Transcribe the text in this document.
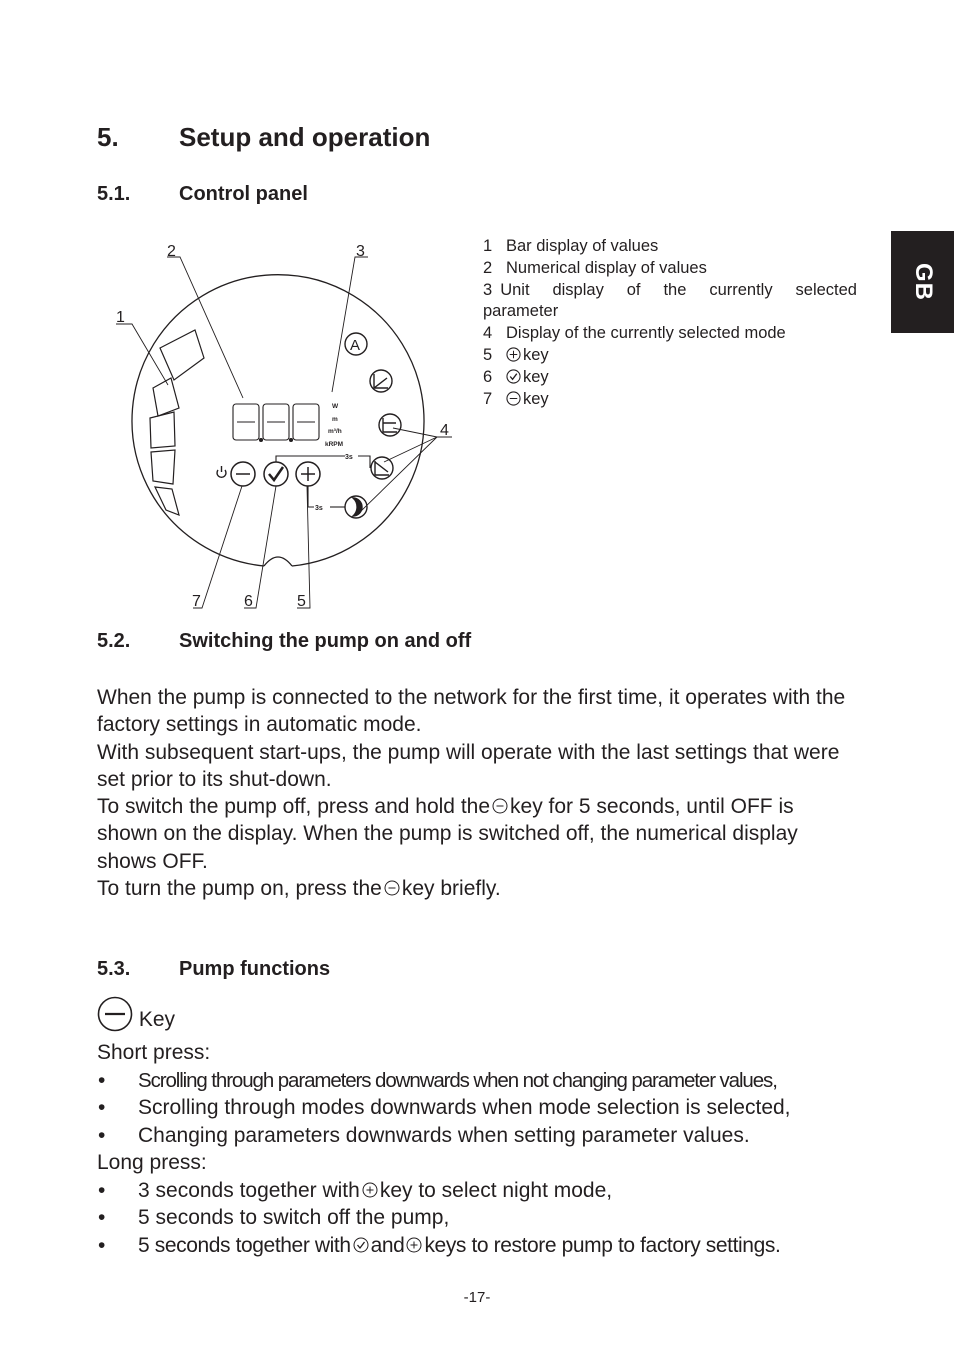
GB
5. Setup and operation
5.1. Control panel
W
m
m³/h
kRPM
3s
3s
A
1
2	3
4
5
6
7
1 Bar display of values
2 Numerical display of values
3 Unit display of the currently selected
parameter
4 Display of the currently selected mode
5 key
6 key
7 key
5.2. Switching the pump on and off

When the pump is connected to the network for the first time, it operates with the factory settings in automatic mode.

With subsequent start-ups, the pump will operate with the last settings that were set prior to its shut-down.

To switch the pump off, press and hold the key for 5 seconds, until OFF is shown on the display. When the pump is switched off, the numerical display shows OFF.

To turn the pump on, press the key briefly.

5.3. Pump functions
Key
Short press:
• Scrolling through parameters downwards when not changing parameter values,
• Scrolling through modes downwards when mode selection is selected,
• Changing parameters downwards when setting parameter values.
Long press:
• 3 seconds together with key to select night mode,
• 5 seconds to switch off the pump,
• 5 seconds together with and keys to restore pump to factory settings.
-17-
